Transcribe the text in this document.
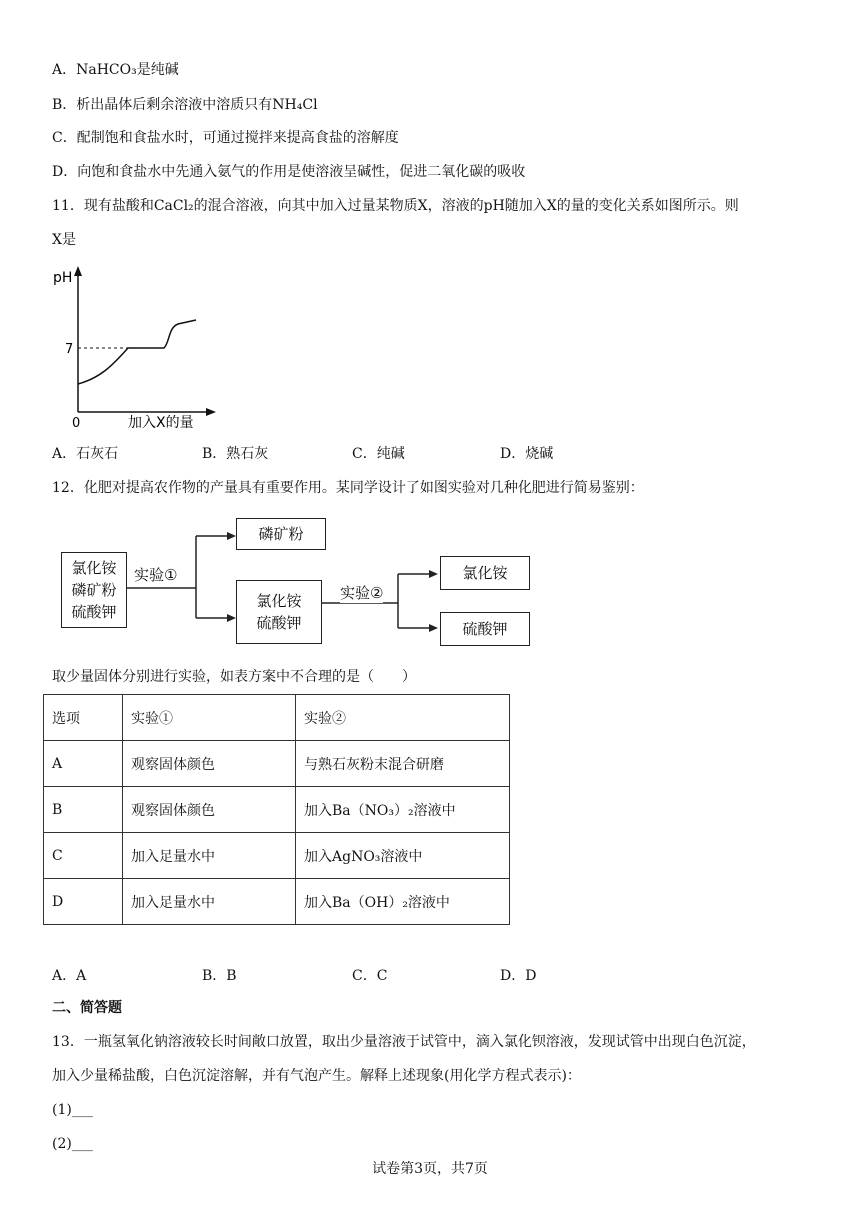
A．NaHCO₃是纯碱
B．析出晶体后剩余溶液中溶质只有NH₄Cl
C．配制饱和食盐水时，可通过搅拌来提高食盐的溶解度
D．向饱和食盐水中先通入氨气的作用是使溶液呈碱性，促进二氧化碳的吸收
11．现有盐酸和CaCl₂的混合溶液，向其中加入过量某物质X，溶液的pH随加入X的量的变化关系如图所示。则
X是
pH
7
0	加入X的量
A．石灰石	B．熟石灰	C．纯碱	D．烧碱
12．化肥对提高农作物的产量具有重要作用。某同学设计了如图实验对几种化肥进行简易鉴别：
氯化铵
磷矿粉
硫酸钾
实验①
磷矿粉
氯化铵
硫酸钾
实验②
氯化铵
硫酸钾
取少量固体分别进行实验，如表方案中不合理的是（　　）
选项	实验①	实验②
A	观察固体颜色	与熟石灰粉末混合研磨
B	观察固体颜色	加入Ba（NO₃）₂溶液中
C	加入足量水中	加入AgNO₃溶液中
D	加入足量水中	加入Ba（OH）₂溶液中
A．A	B．B	C．C	D．D
二、简答题
13．一瓶氢氧化钠溶液较长时间敞口放置，取出少量溶液于试管中，滴入氯化钡溶液，发现试管中出现白色沉淀，
加入少量稀盐酸，白色沉淀溶解，并有气泡产生。解释上述现象(用化学方程式表示)：
(1)___
(2)___
试卷第3页，共7页
